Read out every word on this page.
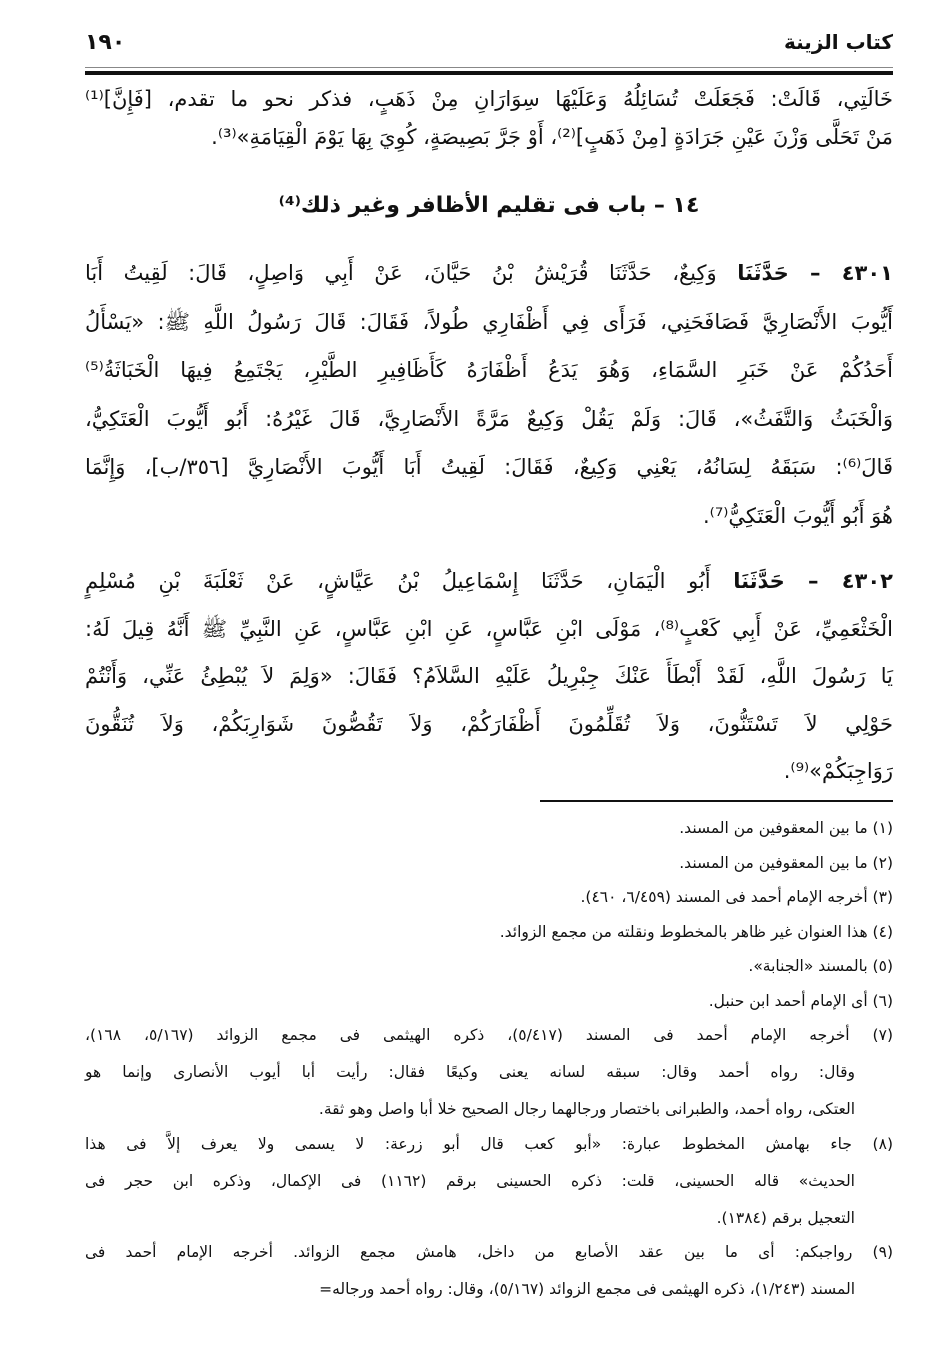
كتاب الزينة
١٩٠
خَالَتِي، قَالَتْ: فَجَعَلَتْ تُسَائِلُهُ وَعَلَيْهَا سِوَارَانِ مِنْ ذَهَبٍ، فذكر نحو ما تقدم، [فَإِنَّ]⁽¹⁾
مَنْ تَحَلَّى وَزْنَ عَيْنِ جَرَادَةٍ [مِنْ ذَهَبٍ]⁽²⁾، أَوْ جَرَّ بَصِيصَةٍ، كُوِيَ بِهَا يَوْمَ الْقِيَامَةِ»⁽³⁾.
١٤ – باب فى تقليم الأظافر وغير ذلك⁽⁴⁾
٤٣٠١ – حَدَّثَنَا وَكِيعٌ، حَدَّثَنَا قُرَيْشُ بْنُ حَيَّانَ، عَنْ أَبِي وَاصِلٍ، قَالَ: لَقِيتُ أَبَا
أَيُّوبَ الأَنْصَارِيَّ فَصَافَحَنِي، فَرَأَى فِي أَظْفَارِي طُولاً، فَقَالَ: قَالَ رَسُولُ اللَّهِ ﷺ: «يَسْأَلُ
أَحَدُكُمْ عَنْ خَبَرِ السَّمَاءِ، وَهُوَ يَدَعُ أَظْفَارَهُ كَأَظَافِيرِ الطَّيْرِ، يَجْتَمِعُ فِيهَا الْخَبَاثَةُ⁽⁵⁾
وَالْخَبَثُ وَالتَّفَثُ»، قَالَ: وَلَمْ يَقُلْ وَكِيعٌ مَرَّةً الأَنْصَارِيَّ، قَالَ غَيْرُهُ: أَبُو أَيُّوبَ الْعَتَكِيُّ،
قَالَ⁽⁶⁾: سَبَقَهُ لِسَانُهُ، يَعْنِي وَكِيعٌ، فَقَالَ: لَقِيتُ أَبَا أَيُّوبَ الأَنْصَارِيَّ [٣٥٦/ب]، وَإِنَّمَا
هُوَ أَبُو أَيُّوبَ الْعَتَكِيُّ⁽⁷⁾.
٤٣٠٢ – حَدَّثَنَا أَبُو الْيَمَانِ، حَدَّثَنَا إِسْمَاعِيلُ بْنُ عَيَّاشٍ، عَنْ ثَعْلَبَةَ بْنِ مُسْلِمٍ
الْخَثْعَمِيِّ، عَنْ أَبِي كَعْبٍ⁽⁸⁾، مَوْلَى ابْنِ عَبَّاسٍ، عَنِ ابْنِ عَبَّاسٍ، عَنِ النَّبِيِّ ﷺ أَنَّهُ قِيلَ لَهُ:
يَا رَسُولَ اللَّهِ، لَقَدْ أَبْطَأَ عَنْكَ جِبْرِيلُ عَلَيْهِ السَّلاَمُ؟ فَقَالَ: «وَلِمَ لاَ يُبْطِئُ عَنِّي، وَأَنْتُمْ
حَوْلِي لاَ تَسْتَنُّونَ، وَلاَ تُقَلِّمُونَ أَظْفَارَكُمْ، وَلاَ تَقُصُّونَ شَوَارِبَكُمْ، وَلاَ تُنَقُّونَ
رَوَاجِبَكُمْ»⁽⁹⁾.
(١) ما بين المعقوفين من المسند.
(٢) ما بين المعقوفين من المسند.
(٣) أخرجه الإمام أحمد فى المسند (٦/٤٥٩، ٤٦٠).
(٤) هذا العنوان غير ظاهر بالمخطوط ونقلته من مجمع الزوائد.
(٥) بالمسند «الجنابة».
(٦) أى الإمام أحمد ابن حنبل.
(٧) أخرجه الإمام أحمد فى المسند (٥/٤١٧)، ذكره الهيثمى فى مجمع الزوائد (٥/١٦٧، ١٦٨)،
وقال: رواه أحمد وقال: سبقه لسانه يعنى وكيعًا فقال: رأيت أبا أيوب الأنصارى وإنما هو
العتكى، رواه أحمد، والطبرانى باختصار ورجالهما رجال الصحيح خلا أبا واصل وهو ثقة.
(٨) جاء بهامش المخطوط عبارة: «أبو كعب قال أبو زرعة: لا يسمى ولا يعرف إلاَّ فى هذا
الحديث» قاله الحسينى، قلت: ذكره الحسينى برقم (١١٦٢) فى الإكمال، وذكره ابن حجر فى
التعجيل برقم (١٣٨٤).
(٩) رواجبكم: أى ما بين عقد الأصابع من داخل، هامش مجمع الزوائد. أخرجه الإمام أحمد فى
المسند (١/٢٤٣)، ذكره الهيثمى فى مجمع الزوائد (٥/١٦٧)، وقال: رواه أحمد ورجاله=
